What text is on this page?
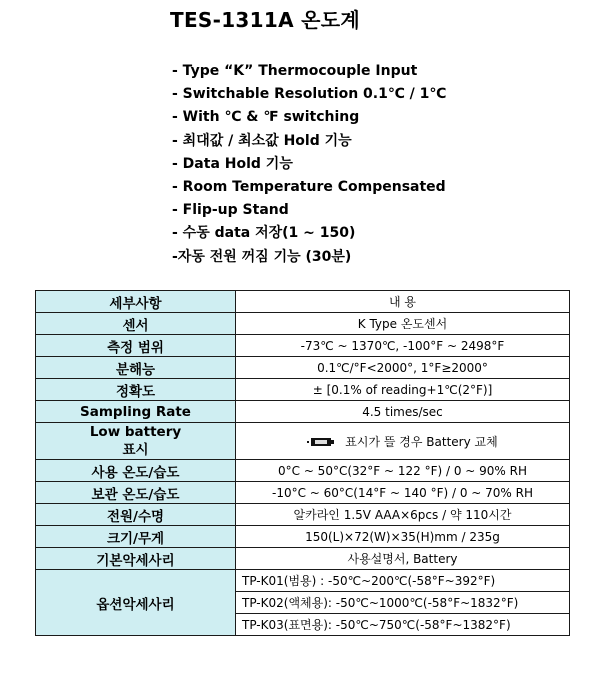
TES-1311A 온도계
- Type “K” Thermocouple Input
- Switchable Resolution 0.1℃ / 1℃
- With ℃ & ℉ switching
- 최대값 / 최소값 Hold 기능
- Data Hold 기능
- Room Temperature Compensated
- Flip-up Stand
- 수동 data 저장(1 ~ 150)
-자동 전원 꺼짐 기능 (30분)
세부사항	내 용
센서	K Type 온도센서
측정 범위	-73℃ ~ 1370℃, -100°F ~ 2498°F
분해능	0.1℃/°F<2000°, 1°F≥2000°
정확도	± [0.1% of reading+1℃(2°F)]
Sampling Rate	4.5 times/sec

Low battery
표시	표시가 뜰 경우 Battery 교체
사용 온도/습도	0°C ~ 50°C(32°F ~ 122 °F) / 0 ~ 90% RH
보관 온도/습도	-10°C ~ 60°C(14°F ~ 140 °F) / 0 ~ 70% RH
전원/수명	알카라인 1.5V AAA×6pcs / 약 110시간
크기/무게	150(L)×72(W)×35(H)mm / 235g
기본악세사리	사용설명서, Battery
옵션악세사리	TP-K01(범용) : -50℃~200℃(-58°F~392°F)
	TP-K02(액체용): -50℃~1000℃(-58°F~1832°F)
	TP-K03(표면용): -50℃~750℃(-58°F~1382°F)
